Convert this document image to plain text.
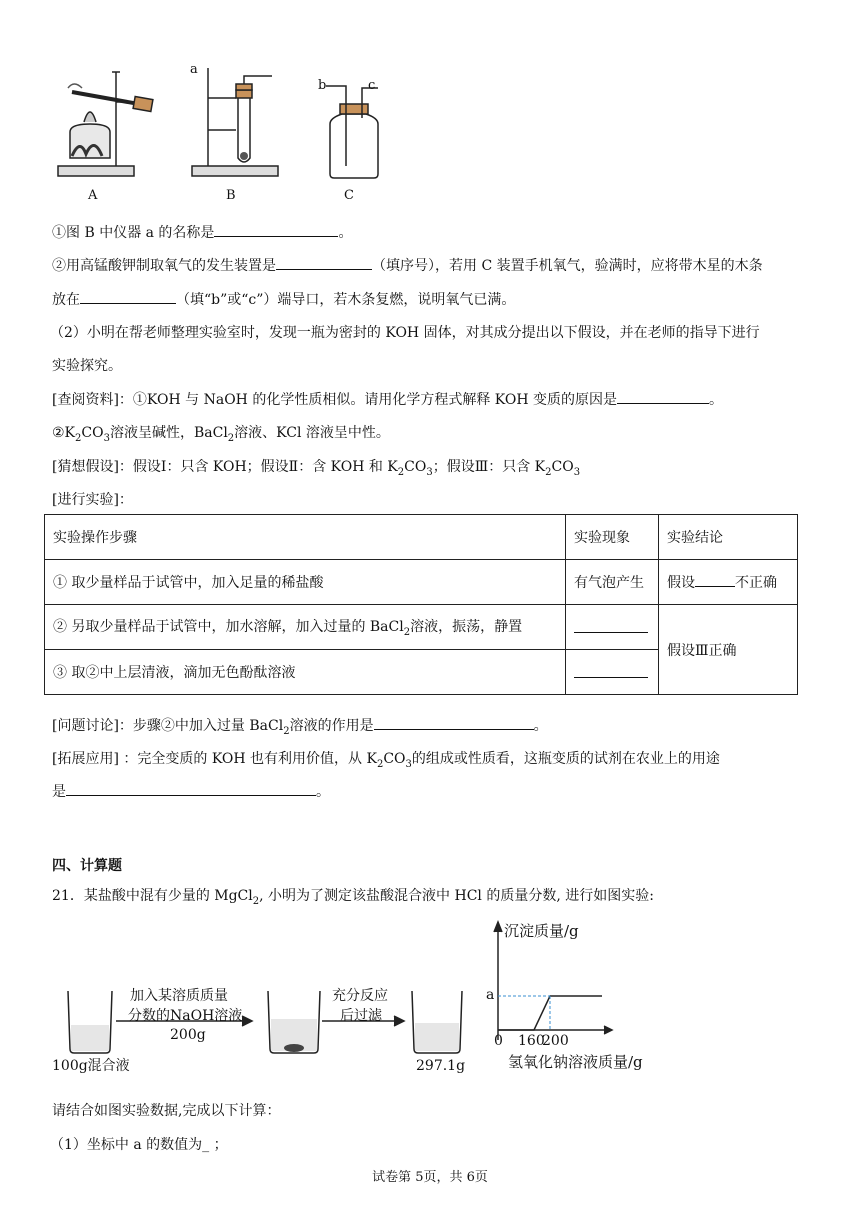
A	B	C
a
b	c
①图 B 中仪器 a 的名称是	。
②用高锰酸钾制取氧气的发生装置是	（填序号），若用 C 装置手机氧气，验满时，应将带木星的木条
放在	（填“b”或“c”）端导口，若木条复燃，说明氧气已满。
（2）小明在帮老师整理实验室时，发现一瓶为密封的 KOH 固体，对其成分提出以下假设，并在老师的指导下进行
实验探究。
[查阅资料]：①KOH 与 NaOH 的化学性质相似。请用化学方程式解释 KOH 变质的原因是	。
$②K_2CO_3$溶液呈碱性，BaCl$_2$溶液、KCl 溶液呈中性。
[猜想假设]：假设Ⅰ：只含 KOH；假设Ⅱ：含 KOH 和 $K_2CO_3$；假设Ⅲ：只含 $K_2CO_3$
[进行实验]：
实验操作步骤	实验现象	实验结论
① 取少量样品于试管中，加入足量的稀盐酸	有气泡产生	假设 不正确
② 另取少量样品于试管中，加水溶解，加入过量的 BaCl$_2$溶液，振荡，静置		假设Ⅲ正确
③ 取②中上层清液，滴加无色酚酞溶液		
[问题讨论]：步骤②中加入过量 BaCl$_2$溶液的作用是	。
[拓展应用] ：完全变质的 KOH 也有利用价值，从 $K_2CO_3$的组成或性质看，这瓶变质的试剂在农业上的用途
是	。
四、计算题
21．某盐酸中混有少量的 MgCl$_2$, 小明为了测定该盐酸混合液中 HCl 的质量分数, 进行如图实验:
100g混合液
加入某溶质质量
分数的NaOH溶液
200g
充分反应
后过滤
297.1g
沉淀质量/g
a
0 160
200
氢氧化钠溶液质量/g
请结合如图实验数据,完成以下计算：
（1）坐标中 a 的数值为_ ；
试卷第 5页，共 6页
